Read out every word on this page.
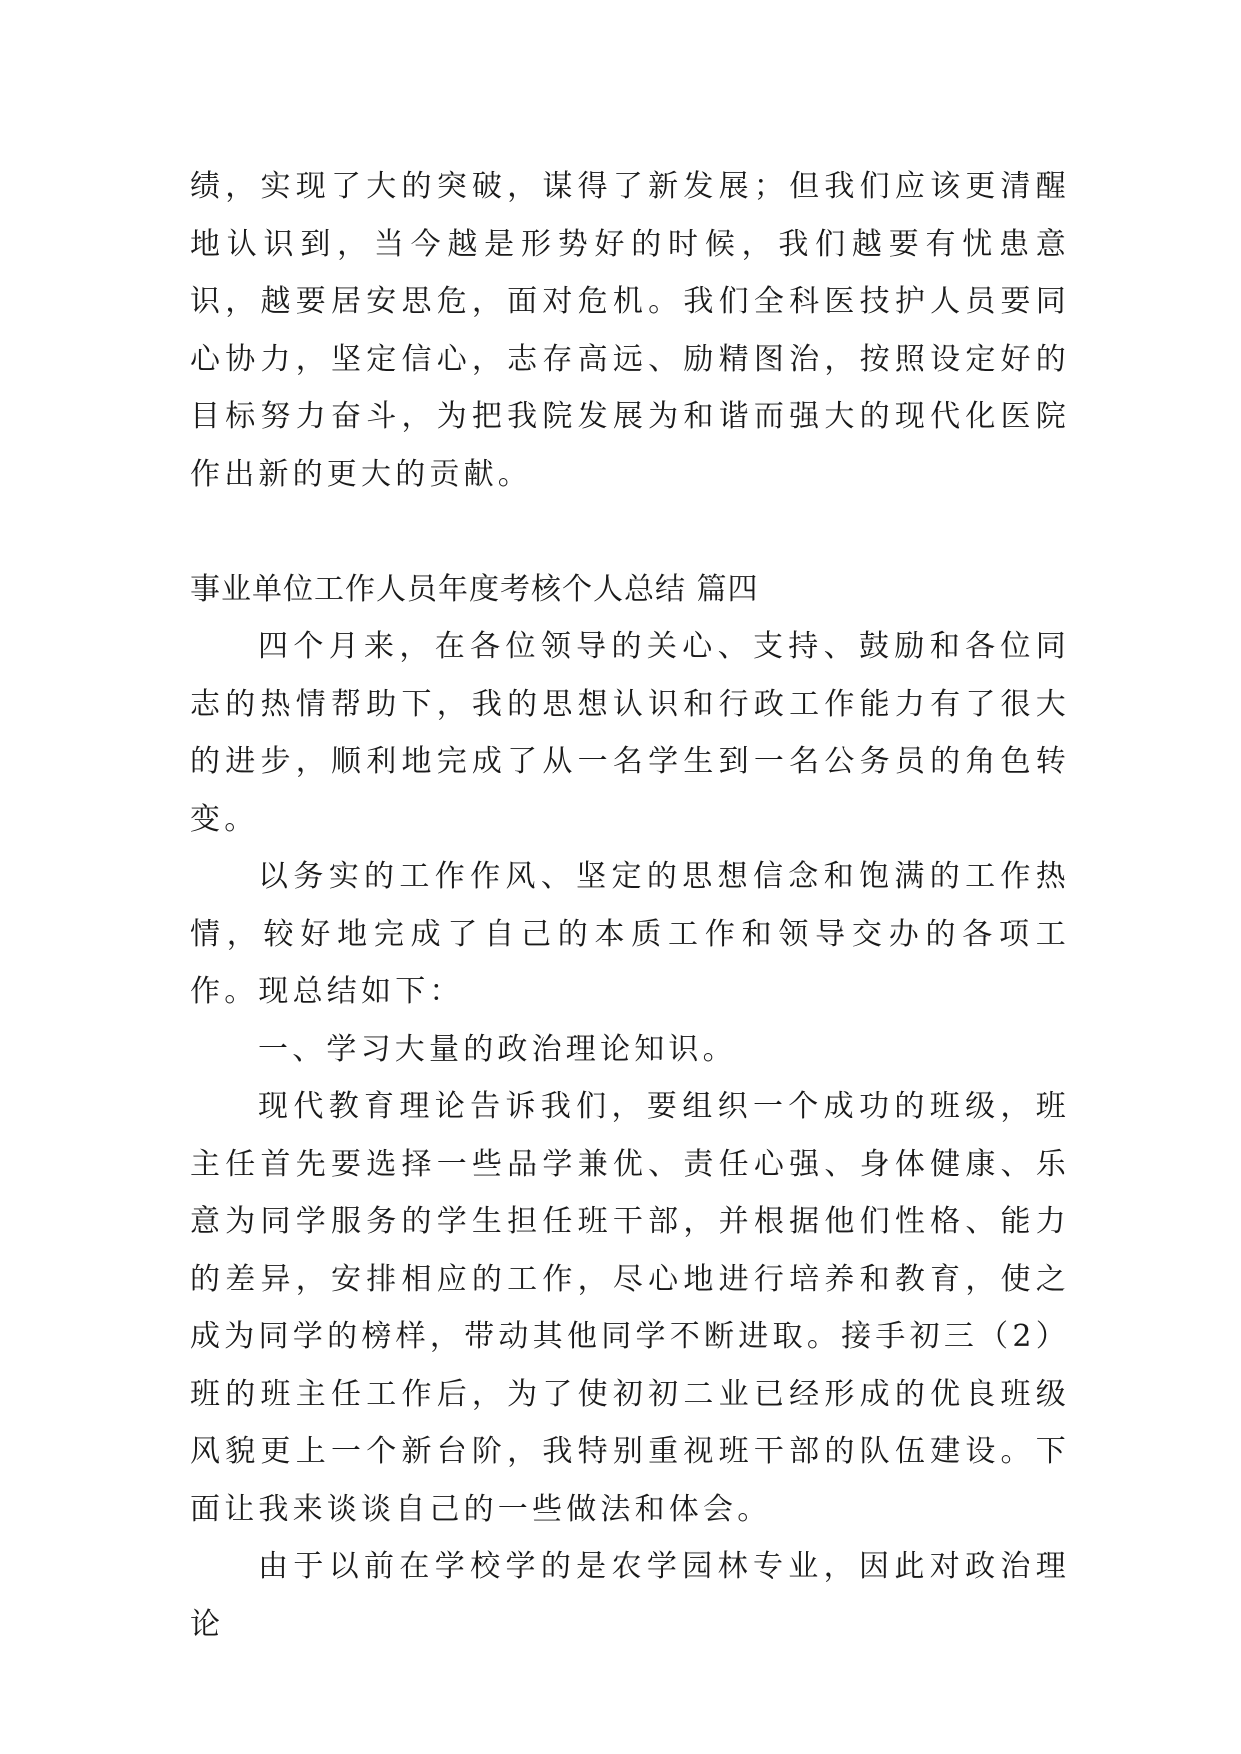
绩，实现了大的突破，谋得了新发展；但我们应该更清醒地认识到，当今越是形势好的时候，我们越要有忧患意识，越要居安思危，面对危机。我们全科医技护人员要同心协力，坚定信心，志存高远、励精图治，按照设定好的目标努力奋斗，为把我院发展为和谐而强大的现代化医院作出新的更大的贡献。

事业单位工作人员年度考核个人总结 篇四

四个月来，在各位领导的关心、支持、鼓励和各位同志的热情帮助下，我的思想认识和行政工作能力有了很大的进步，顺利地完成了从一名学生到一名公务员的角色转变。

以务实的工作作风、坚定的思想信念和饱满的工作热情，较好地完成了自己的本质工作和领导交办的各项工作。现总结如下：

一、学习大量的政治理论知识。

现代教育理论告诉我们，要组织一个成功的班级，班主任首先要选择一些品学兼优、责任心强、身体健康、乐意为同学服务的学生担任班干部，并根据他们性格、能力的差异，安排相应的工作，尽心地进行培养和教育，使之成为同学的榜样，带动其他同学不断进取。接手初三（2）班的班主任工作后，为了使初初二业已经形成的优良班级风貌更上一个新台阶，我特别重视班干部的队伍建设。下面让我来谈谈自己的一些做法和体会。

由于以前在学校学的是农学园林专业，因此对政治理论
